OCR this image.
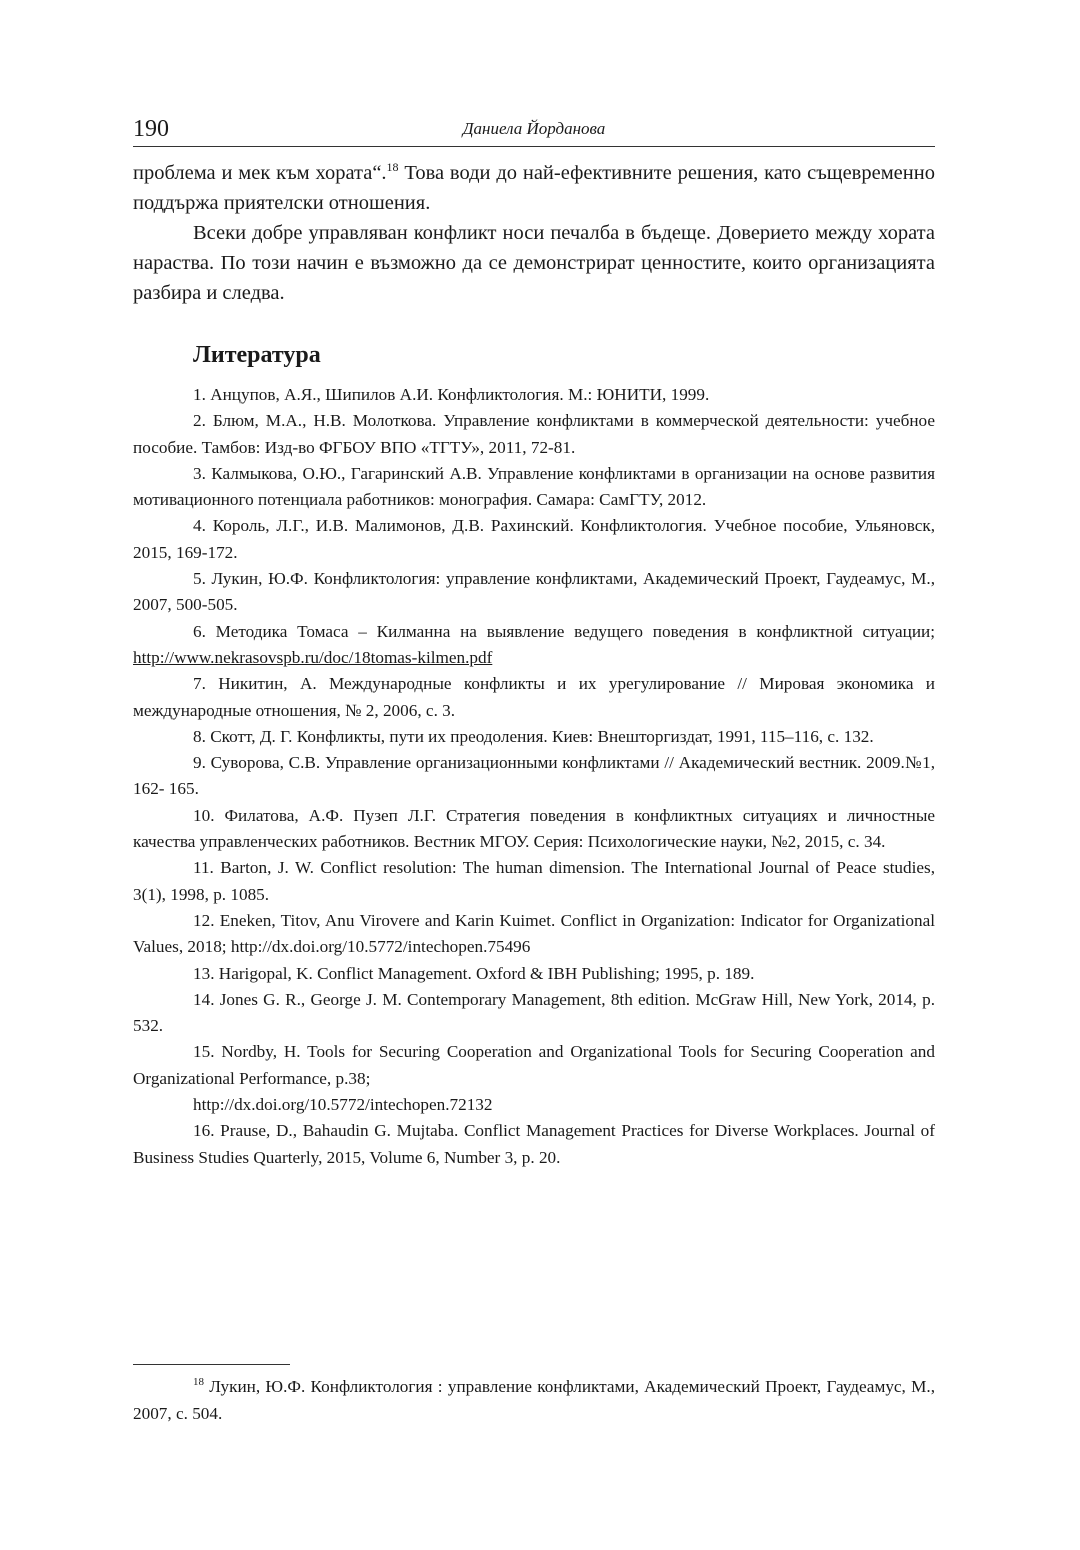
190	Даниела Йорданова

проблема и мек към хората“.$^{18}$ Това води до най-ефективните решения, като същевременно поддържа приятелски отношения.

Всеки добре управляван конфликт носи печалба в бъдеще. Доверието между хората нараства. По този начин е възможно да се демонстрират ценностите, които организацията разбира и следва.

Литература

1. Анцупов, А.Я., Шипилов А.И. Конфликтология. М.: ЮНИТИ, 1999.

2. Блюм, М.А., Н.В. Молоткова. Управление конфликтами в коммерческой деятельности: учебное пособие. Тамбов: Изд-во ФГБОУ ВПО «ТГТУ», 2011, 72-81.

3. Калмыкова, О.Ю., Гагаринский А.В. Управление конфликтами в организации на основе развития мотивационного потенциала работников: монография. Самара: СамГТУ, 2012.

4. Король, Л.Г., И.В. Малимонов, Д.В. Рахинский. Конфликтология. Учебное пособие, Ульяновск, 2015, 169-172.

5. Лукин, Ю.Ф. Конфликтология: управление конфликтами, Академический Проект, Гаудеамус, М., 2007, 500-505.

6. Методика Томаса – Килманна на выявление ведущего поведения в конфликтной ситуации; http://www.nekrasovspb.ru/doc/18tomas-kilmen.pdf

7. Никитин, А. Международные конфликты и их урегулирование // Мировая экономика и международные отношения, № 2, 2006, с. 3.

8. Скотт, Д. Г. Конфликты, пути их преодоления. Киев: Внешторгиздат, 1991, 115–116, с. 132.

9. Суворова, С.В. Управление организационными конфликтами // Академический вестник. 2009.№1, 162- 165.

10. Филатова, А.Ф. Пузеп Л.Г. Стратегия поведения в конфликтных ситуациях и личностные качества управленческих работников. Вестник МГОУ. Серия: Психологические науки, №2, 2015, с. 34.

11. Barton, J. W. Conflict resolution: The human dimension. The International Journal of Peace studies, 3(1), 1998, p. 1085.

12. Eneken, Titov, Anu Virovere and Karin Kuimet. Conflict in Organization: Indicator for Organizational Values, 2018; http://dx.doi.org/10.5772/intechopen.75496

13. Harigopal, K. Conflict Management. Oxford & IBH Publishing; 1995, p. 189.

14. Jones G. R., George J. M. Contemporary Management, 8th edition. McGraw Hill, New York, 2014, p. 532.

15. Nordby, H. Tools for Securing Cooperation and Organizational Tools for Securing Cooperation and Organizational Performance, p.38;

http://dx.doi.org/10.5772/intechopen.72132

16. Prause, D., Bahaudin G. Mujtaba. Conflict Management Practices for Diverse Workplaces. Journal of Business Studies Quarterly, 2015, Volume 6, Number 3, p. 20.

$^{18}$ Лукин, Ю.Ф. Конфликтология : управление конфликтами, Академический Проект, Гаудеамус, М., 2007, с. 504.
